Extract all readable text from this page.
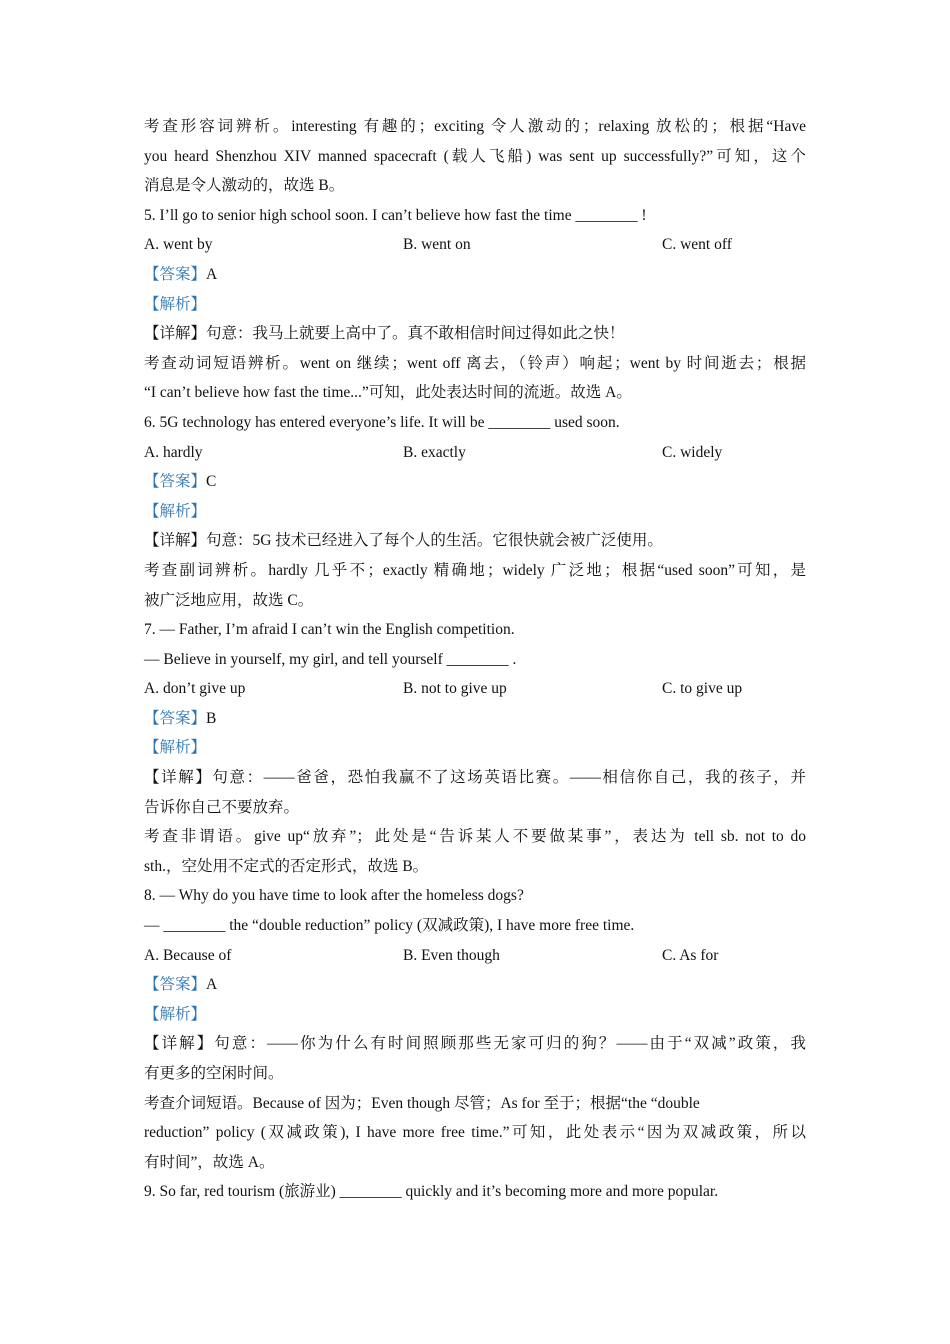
考查形容词辨析。interesting 有趣的；exciting 令人激动的；relaxing 放松的；根据“Have
you heard Shenzhou XIV manned spacecraft (载人飞船) was sent up successfully?”可知，这个
消息是令人激动的，故选 B。
5. I’ll go to senior high school soon. I can’t believe how fast the time ________ !
A. went by	B. went on	C. went off
【答案】A
【解析】
【详解】句意：我马上就要上高中了。真不敢相信时间过得如此之快！
考查动词短语辨析。went on 继续；went off 离去，（铃声）响起；went by 时间逝去；根据
“I can’t believe how fast the time...”可知，此处表达时间的流逝。故选 A。
6. 5G technology has entered everyone’s life. It will be ________ used soon.
A. hardly	B. exactly	C. widely
【答案】C
【解析】
【详解】句意：5G 技术已经进入了每个人的生活。它很快就会被广泛使用。
考查副词辨析。hardly 几乎不；exactly 精确地；widely 广泛地；根据“used soon”可知，是
被广泛地应用，故选 C。
7. — Father, I’m afraid I can’t win the English competition.
— Believe in yourself, my girl, and tell yourself ________ .
A. don’t give up	B. not to give up	C. to give up
【答案】B
【解析】
【详解】句意：——爸爸，恐怕我赢不了这场英语比赛。——相信你自己，我的孩子，并
告诉你自己不要放弃。
考查非谓语。give up“放弃”；此处是“告诉某人不要做某事”，表达为 tell sb. not to do
sth.，空处用不定式的否定形式，故选 B。
8. — Why do you have time to look after the homeless dogs?
— ________ the “double reduction” policy (双减政策), I have more free time.
A. Because of	B. Even though	C. As for
【答案】A
【解析】
【详解】句意：——你为什么有时间照顾那些无家可归的狗？——由于“双减”政策，我
有更多的空闲时间。
考查介词短语。Because of 因为；Even though 尽管；As for 至于；根据“the “double
reduction” policy (双减政策), I have more free time.”可知，此处表示“因为双减政策，所以
有时间”，故选 A。
9. So far, red tourism (旅游业) ________ quickly and it’s becoming more and more popular.
